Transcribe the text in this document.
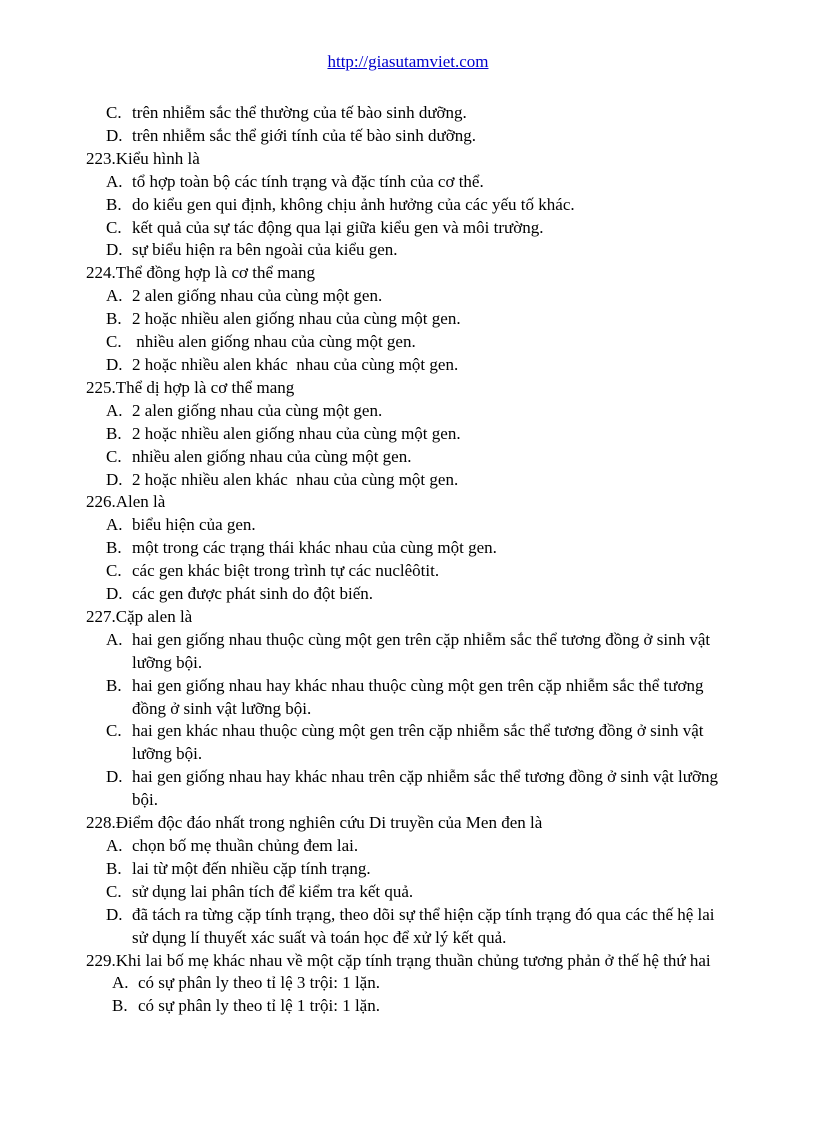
http://giasutamviet.com
C. trên nhiễm sắc thể thường của tế bào sinh dưỡng.
D. trên nhiễm sắc thể giới tính của tế bào sinh dưỡng.
223.Kiểu hình là
A. tổ hợp toàn bộ các tính trạng và đặc tính của cơ thể.
B. do kiểu gen qui định, không chịu ảnh hưởng của các yếu tố khác.
C. kết quả của sự tác động qua lại giữa kiểu gen và môi trường.
D. sự biểu hiện ra bên ngoài của kiểu gen.
224.Thể đồng hợp là cơ thể mang
A. 2 alen giống nhau của cùng một gen.
B. 2 hoặc nhiều alen giống nhau của cùng một gen.
C. nhiều alen giống nhau của cùng một gen.
D. 2 hoặc nhiều alen khác  nhau của cùng một gen.
225.Thể dị hợp là cơ thể mang
A. 2 alen giống nhau của cùng một gen.
B. 2 hoặc nhiều alen giống nhau của cùng một gen.
C. nhiều alen giống nhau của cùng một gen.
D. 2 hoặc nhiều alen khác  nhau của cùng một gen.
226.Alen là
A. biểu hiện của gen.
B. một trong các trạng thái khác nhau của cùng một gen.
C. các gen khác biệt trong trình tự các nuclêôtit.
D. các gen được phát sinh do đột biến.
227.Cặp alen là
A. hai gen giống nhau thuộc cùng một gen trên cặp nhiễm sắc thể tương đồng ở sinh vật
lưỡng bội.
B. hai gen giống nhau hay khác nhau thuộc cùng một gen trên cặp nhiễm sắc thể tương
đồng ở sinh vật lưỡng bội.
C. hai gen khác nhau thuộc cùng một gen trên cặp nhiễm sắc thể tương đồng ở sinh vật
lưỡng bội.
D. hai gen giống nhau hay khác nhau trên cặp nhiễm sắc thể tương đồng ở sinh vật lưỡng
bội.
228.Điểm độc đáo nhất trong nghiên cứu Di truyền của Men đen là
A. chọn bố mẹ thuần chủng đem lai.
B. lai từ một đến nhiều cặp tính trạng.
C. sử dụng lai phân tích để kiểm tra kết quả.
D. đã tách ra từng cặp tính trạng, theo dõi sự thể hiện cặp tính trạng đó qua các thế hệ lai
sử dụng lí thuyết xác suất và toán học để xử lý kết quả.
229.Khi lai bố mẹ khác nhau về một cặp tính trạng thuần chủng tương phản ở thế hệ thứ hai
A. có sự phân ly theo tỉ lệ 3 trội: 1 lặn.
B. có sự phân ly theo tỉ lệ 1 trội: 1 lặn.
